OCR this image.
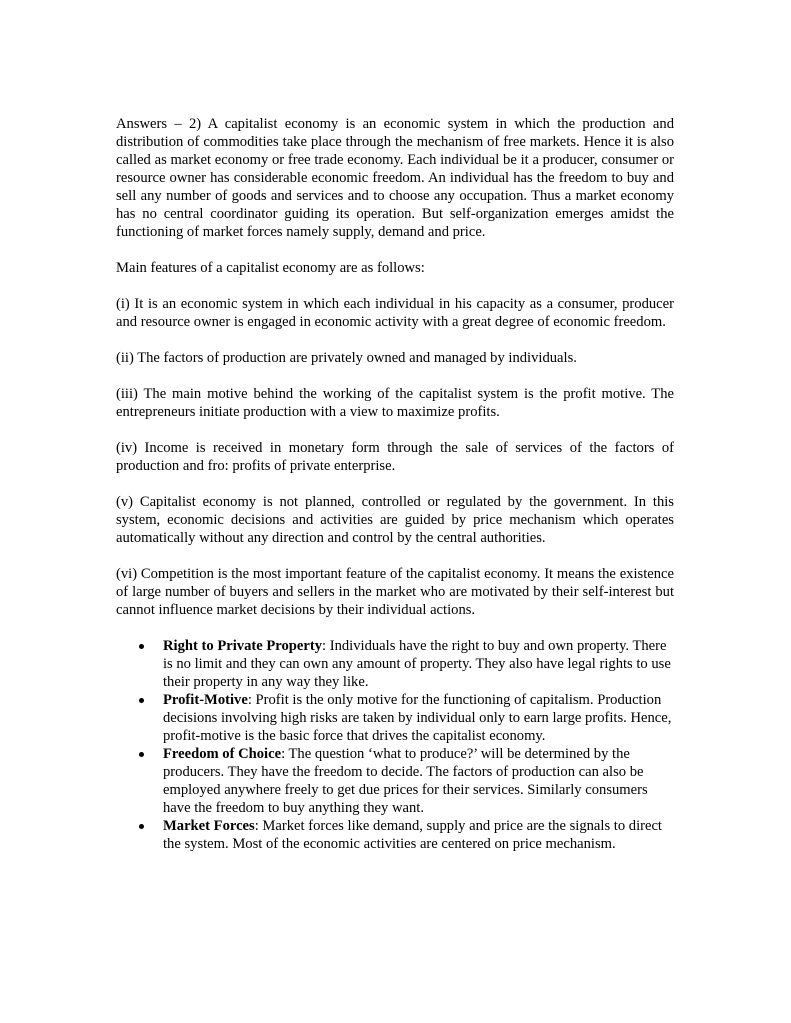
Answers – 2) A capitalist economy is an economic system in which the production and distribution of commodities take place through the mechanism of free markets. Hence it is also called as market economy or free trade economy. Each individual be it a producer, consumer or resource owner has considerable economic freedom. An individual has the freedom to buy and sell any number of goods and services and to choose any occupation. Thus a market economy has no central coordinator guiding its operation. But self-organization emerges amidst the functioning of market forces namely supply, demand and price.

Main features of a capitalist economy are as follows:

(i) It is an economic system in which each individual in his capacity as a consumer, producer and resource owner is engaged in economic activity with a great degree of economic freedom.

(ii) The factors of production are privately owned and managed by individuals.

(iii) The main motive behind the working of the capitalist system is the profit motive. The entrepreneurs initiate production with a view to maximize profits.

(iv) Income is received in monetary form through the sale of services of the factors of production and fro: profits of private enterprise.

(v) Capitalist economy is not planned, controlled or regulated by the government. In this system, economic decisions and activities are guided by price mechanism which operates automatically without any direction and control by the central authorities.

(vi) Competition is the most important feature of the capitalist economy. It means the existence of large number of buyers and sellers in the market who are motivated by their self-interest but cannot influence market decisions by their individual actions.

Right to Private Property: Individuals have the right to buy and own property. There is no limit and they can own any amount of property. They also have legal rights to use their property in any way they like.
Profit-Motive: Profit is the only motive for the functioning of capitalism. Production decisions involving high risks are taken by individual only to earn large profits. Hence, profit-motive is the basic force that drives the capitalist economy.
Freedom of Choice: The question ‘what to produce?’ will be determined by the producers. They have the freedom to decide. The factors of production can also be employed anywhere freely to get due prices for their services. Similarly consumers have the freedom to buy anything they want.
Market Forces: Market forces like demand, supply and price are the signals to direct the system. Most of the economic activities are centered on price mechanism.
